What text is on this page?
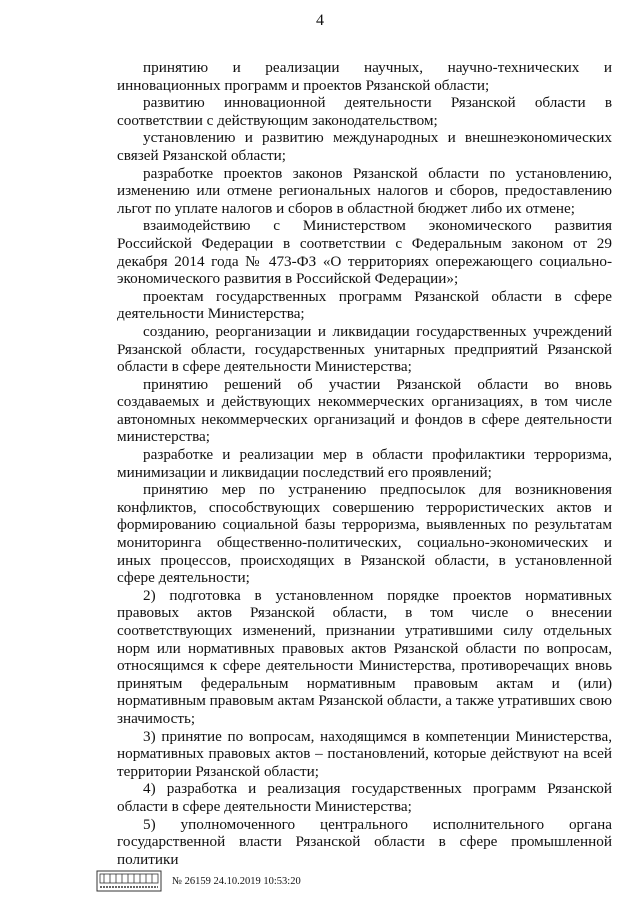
4

принятию и реализации научных, научно-технических и инновационных программ и проектов Рязанской области;

развитию инновационной деятельности Рязанской области в соответствии с действующим законодательством;

установлению и развитию международных и внешнеэкономических связей Рязанской области;

разработке проектов законов Рязанской области по установлению, изменению или отмене региональных налогов и сборов, предоставлению льгот по уплате налогов и сборов в областной бюджет либо их отмене;

взаимодействию с Министерством экономического развития Российской Федерации в соответствии с Федеральным законом от 29 декабря 2014 года № 473-ФЗ «О территориях опережающего социально-экономического развития в Российской Федерации»;

проектам государственных программ Рязанской области в сфере деятельности Министерства;

созданию, реорганизации и ликвидации государственных учреждений Рязанской области, государственных унитарных предприятий Рязанской области в сфере деятельности Министерства;

принятию решений об участии Рязанской области во вновь создаваемых и действующих некоммерческих организациях, в том числе автономных некоммерческих организаций и фондов в сфере деятельности министерства;

разработке и реализации мер в области профилактики терроризма, минимизации и ликвидации последствий его проявлений;

принятию мер по устранению предпосылок для возникновения конфликтов, способствующих совершению террористических актов и формированию социальной базы терроризма, выявленных по результатам мониторинга общественно-политических, социально-экономических и иных процессов, происходящих в Рязанской области, в установленной сфере деятельности;

2) подготовка в установленном порядке проектов нормативных правовых актов Рязанской области, в том числе о внесении соответствующих изменений, признании утратившими силу отдельных норм или нормативных правовых актов Рязанской области по вопросам, относящимся к сфере деятельности Министерства, противоречащих вновь принятым федеральным нормативным правовым актам и (или) нормативным правовым актам Рязанской области, а также утративших свою значимость;

3) принятие по вопросам, находящимся в компетенции Министерства, нормативных правовых актов – постановлений, которые действуют на всей территории Рязанской области;

4) разработка и реализация государственных программ Рязанской области в сфере деятельности Министерства;

5) уполномоченного центрального исполнительного органа государственной власти Рязанской области в сфере промышленной политики

№ 26159 24.10.2019 10:53:20
